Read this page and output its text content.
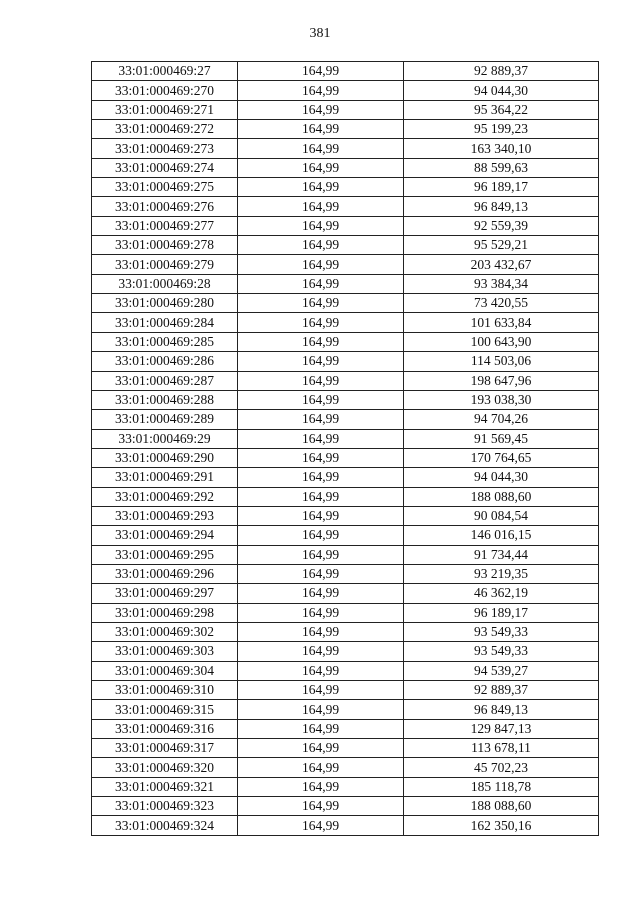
381
33:01:000469:27	164,99	92 889,37
33:01:000469:270	164,99	94 044,30
33:01:000469:271	164,99	95 364,22
33:01:000469:272	164,99	95 199,23
33:01:000469:273	164,99	163 340,10
33:01:000469:274	164,99	88 599,63
33:01:000469:275	164,99	96 189,17
33:01:000469:276	164,99	96 849,13
33:01:000469:277	164,99	92 559,39
33:01:000469:278	164,99	95 529,21
33:01:000469:279	164,99	203 432,67
33:01:000469:28	164,99	93 384,34
33:01:000469:280	164,99	73 420,55
33:01:000469:284	164,99	101 633,84
33:01:000469:285	164,99	100 643,90
33:01:000469:286	164,99	114 503,06
33:01:000469:287	164,99	198 647,96
33:01:000469:288	164,99	193 038,30
33:01:000469:289	164,99	94 704,26
33:01:000469:29	164,99	91 569,45
33:01:000469:290	164,99	170 764,65
33:01:000469:291	164,99	94 044,30
33:01:000469:292	164,99	188 088,60
33:01:000469:293	164,99	90 084,54
33:01:000469:294	164,99	146 016,15
33:01:000469:295	164,99	91 734,44
33:01:000469:296	164,99	93 219,35
33:01:000469:297	164,99	46 362,19
33:01:000469:298	164,99	96 189,17
33:01:000469:302	164,99	93 549,33
33:01:000469:303	164,99	93 549,33
33:01:000469:304	164,99	94 539,27
33:01:000469:310	164,99	92 889,37
33:01:000469:315	164,99	96 849,13
33:01:000469:316	164,99	129 847,13
33:01:000469:317	164,99	113 678,11
33:01:000469:320	164,99	45 702,23
33:01:000469:321	164,99	185 118,78
33:01:000469:323	164,99	188 088,60
33:01:000469:324	164,99	162 350,16
